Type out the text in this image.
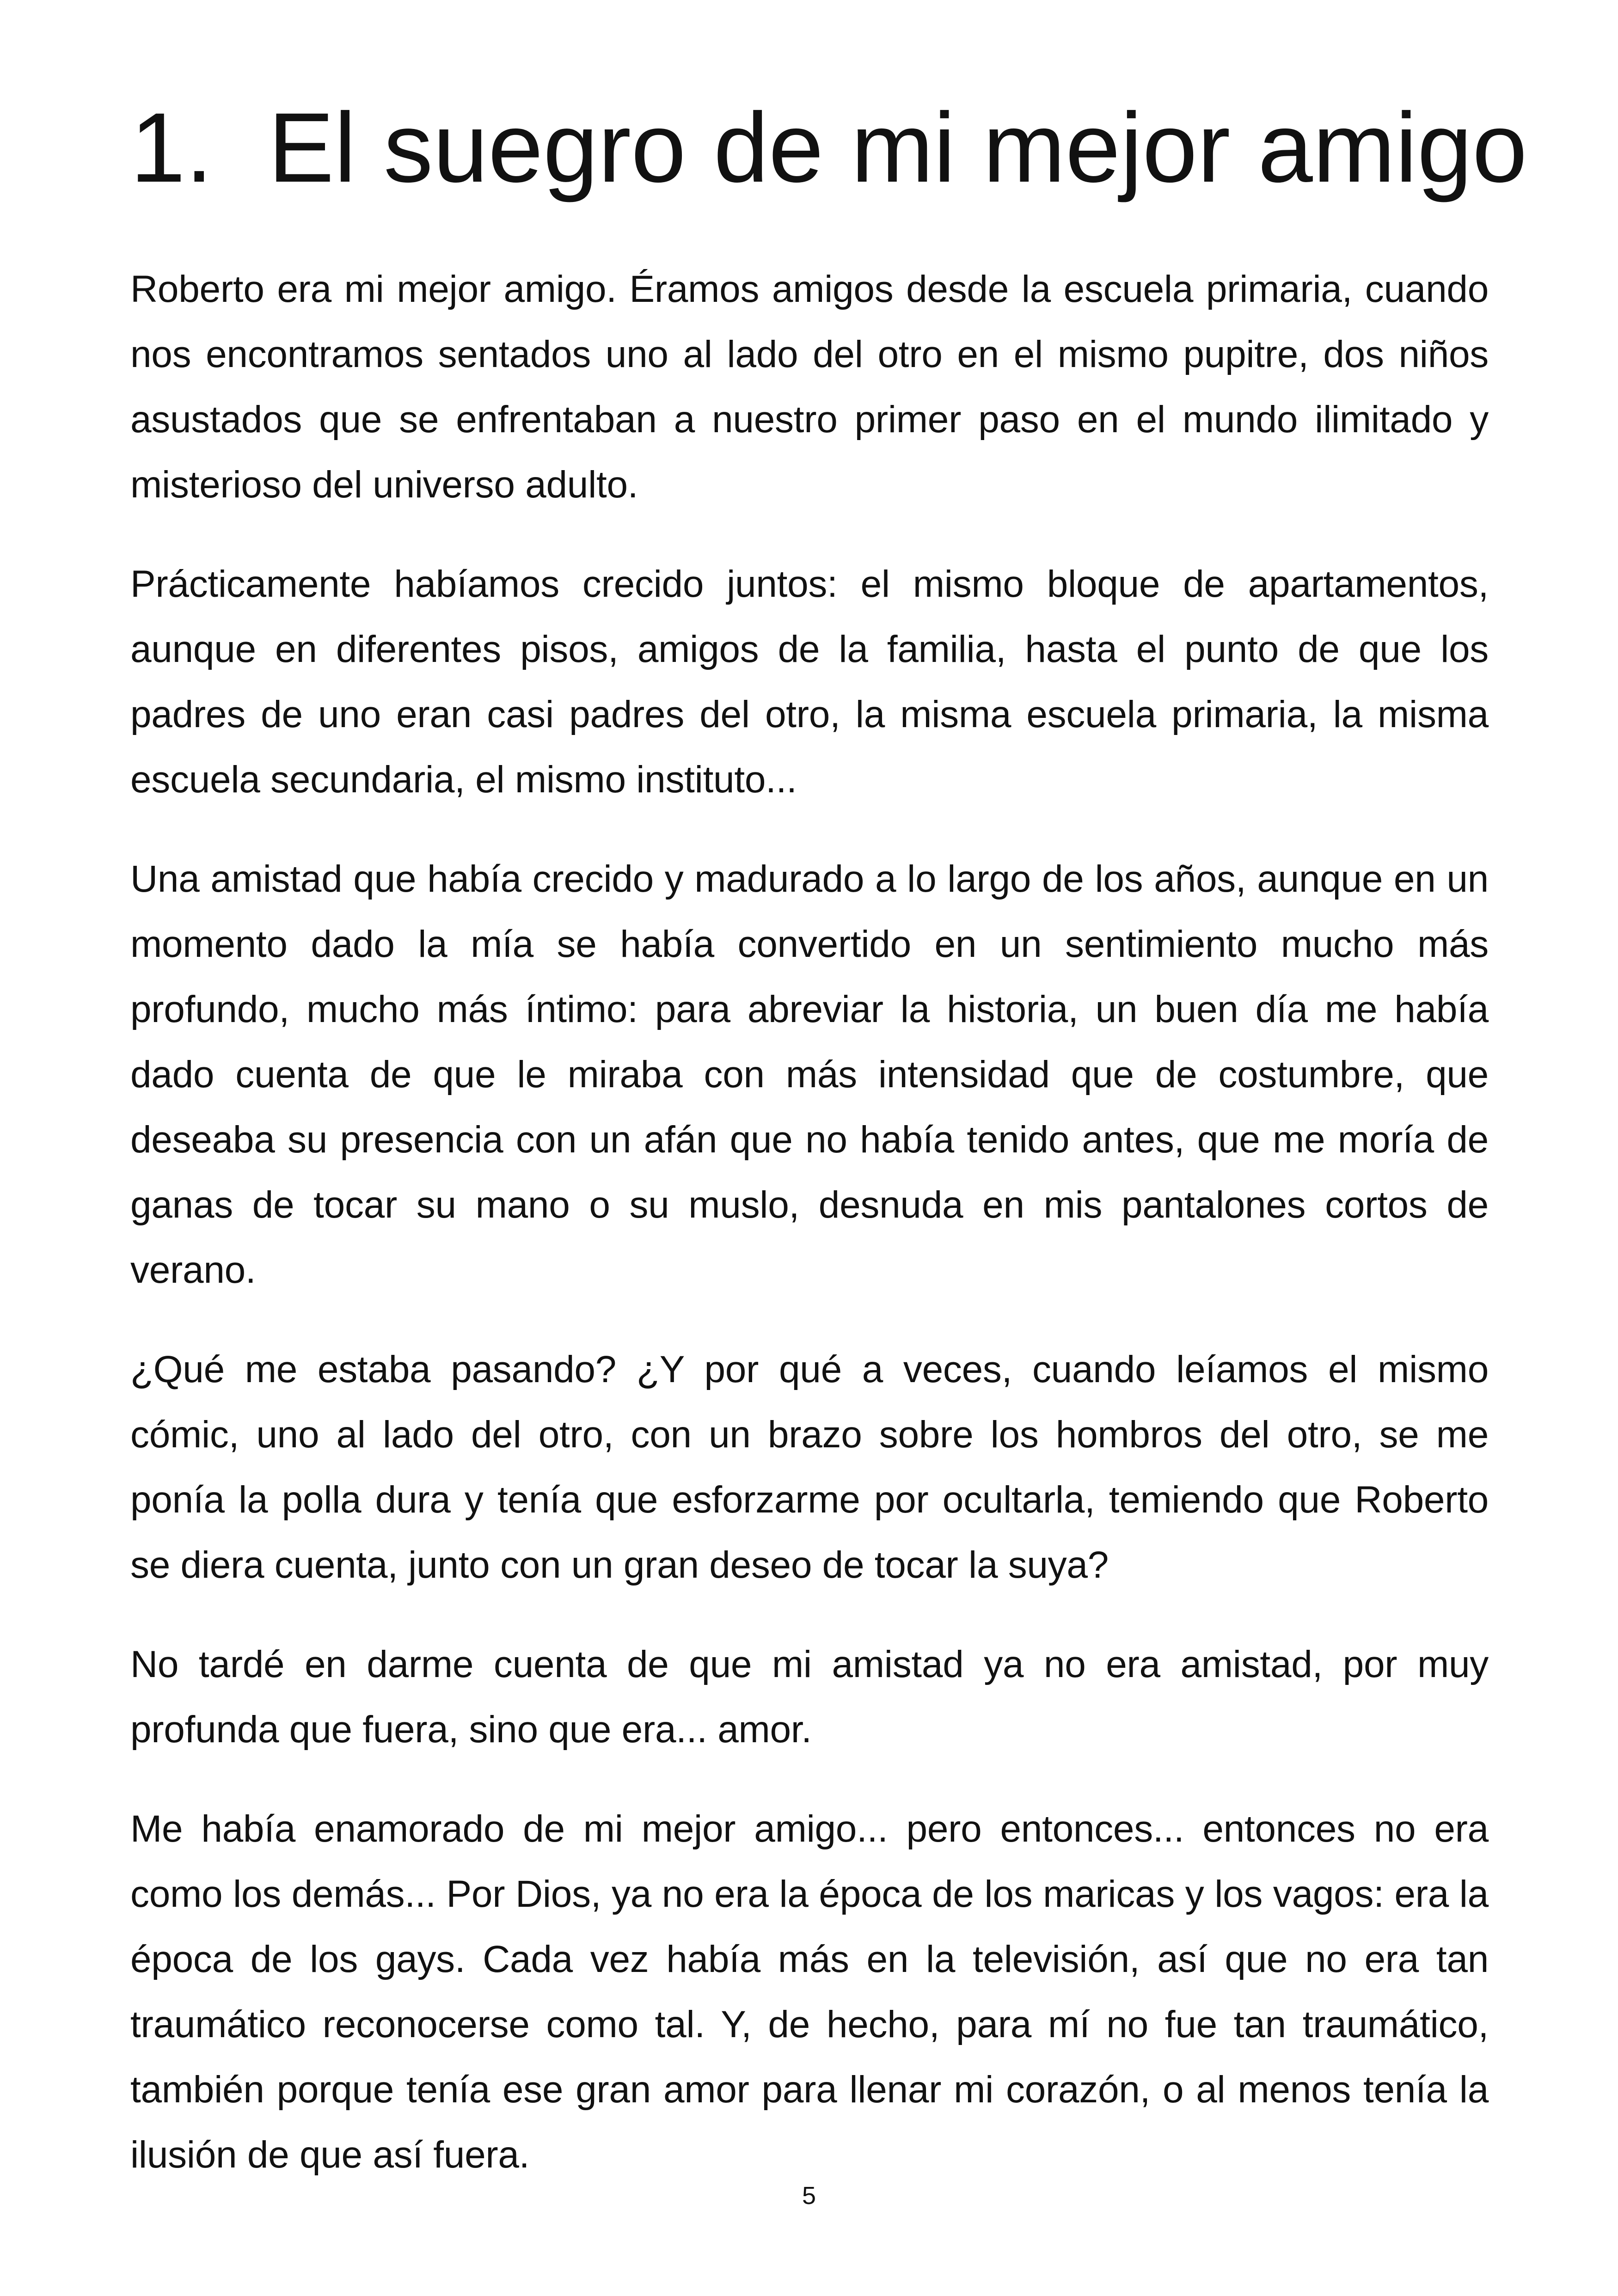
1. El suegro de mi mejor amigo

Roberto era mi mejor amigo. Éramos amigos desde la escuela primaria, cuando nos encontramos sentados uno al lado del otro en el mismo pupitre, dos niños asustados que se enfrentaban a nuestro primer paso en el mundo ilimitado y misterioso del universo adulto.

Prácticamente habíamos crecido juntos: el mismo bloque de apartamentos, aunque en diferentes pisos, amigos de la familia, hasta el punto de que los padres de uno eran casi padres del otro, la misma escuela primaria, la misma escuela secundaria, el mismo instituto...

Una amistad que había crecido y madurado a lo largo de los años, aunque en un momento dado la mía se había convertido en un sentimiento mucho más profundo, mucho más íntimo: para abreviar la historia, un buen día me había dado cuenta de que le miraba con más intensidad que de costumbre, que deseaba su presencia con un afán que no había tenido antes, que me moría de ganas de tocar su mano o su muslo, desnuda en mis pantalones cortos de verano.

¿Qué me estaba pasando? ¿Y por qué a veces, cuando leíamos el mismo cómic, uno al lado del otro, con un brazo sobre los hombros del otro, se me ponía la polla dura y tenía que esforzarme por ocultarla, temiendo que Roberto se diera cuenta, junto con un gran deseo de tocar la suya?

No tardé en darme cuenta de que mi amistad ya no era amistad, por muy profunda que fuera, sino que era... amor.

Me había enamorado de mi mejor amigo... pero entonces... entonces no era como los demás... Por Dios, ya no era la época de los maricas y los vagos: era la época de los gays. Cada vez había más en la televisión, así que no era tan traumático reconocerse como tal. Y, de hecho, para mí no fue tan traumático, también porque tenía ese gran amor para llenar mi corazón, o al menos tenía la ilusión de que así fuera.

5
